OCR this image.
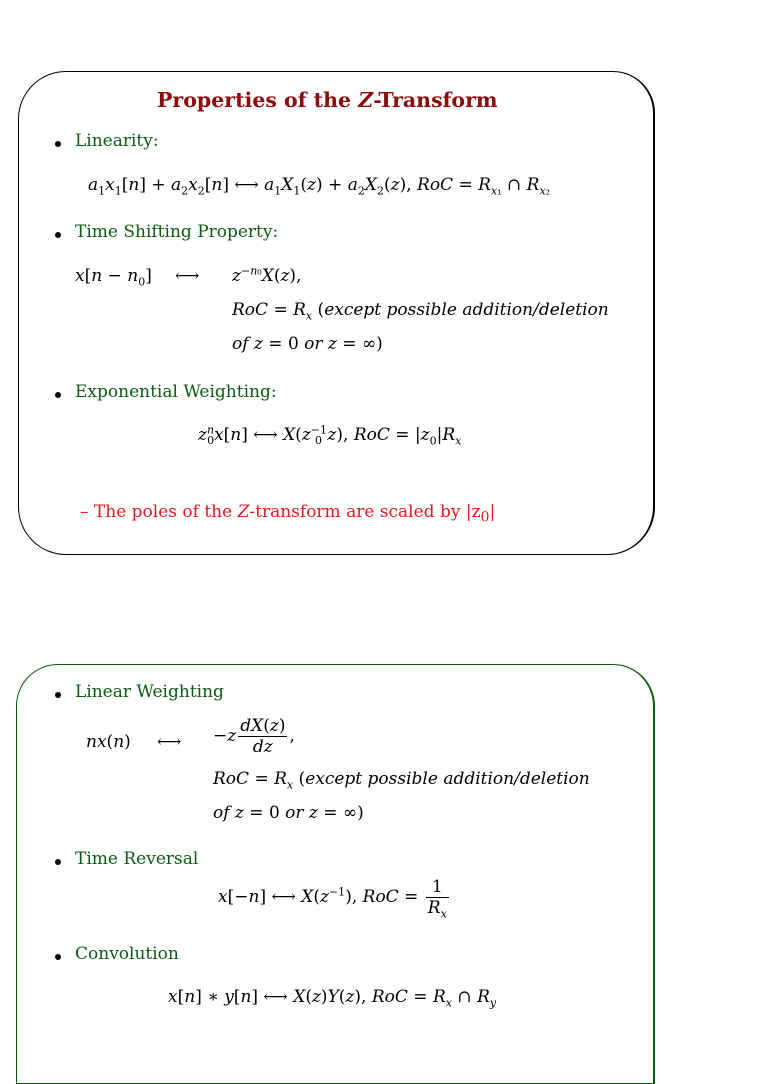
Properties of the Z-Transform
Linearity:
$a_1x_1[n] + a_2x_2[n]$ ⟷ $a_1X_1(z) + a_2X_2(z)$, RoC = $R_{x_1}$ ∩ $R_{x_2}$
Time Shifting Property:
$x[n - n_0]$ ⟷ $z^{-n_0}X(z)$,
RoC = $R_x$ (except possible addition/deletion
of z = 0 or z = ∞)
Exponential Weighting:
$z^n_0x[n]$ ⟷ $X(z^{-1}_0$ z), RoC = $|z_0|R_x$
– The poles of the Z-transform are scaled by $|z_0|$
Linear Weighting
nx(n) ⟷ $-z \frac{dX(z)}{dz}$ ,
RoC = $R_x$ (except possible addition/deletion
of z = 0 or z = ∞)
Time Reversal
x[−n] ⟷ $X(z^{-1})$, RoC = $\frac{1}{R_x}$
Convolution
x[n] ∗ y[n] ⟷ X(z)Y(z), RoC = $R_x$ ∩ $R_y$
